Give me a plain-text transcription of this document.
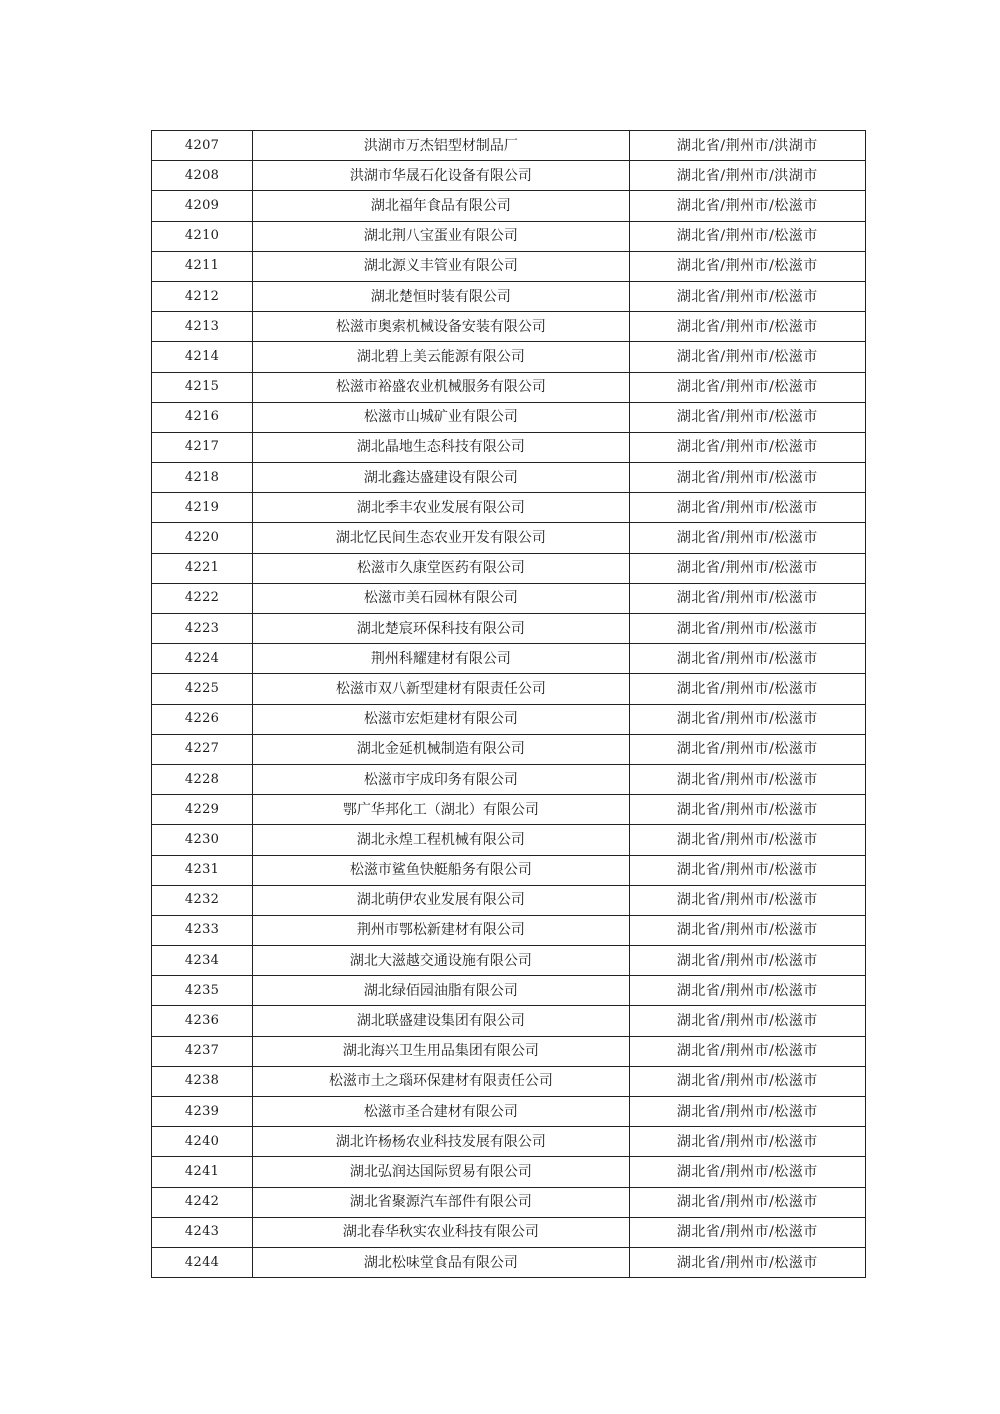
4207	洪湖市万杰铝型材制品厂	湖北省/荆州市/洪湖市
4208	洪湖市华晟石化设备有限公司	湖北省/荆州市/洪湖市
4209	湖北福年食品有限公司	湖北省/荆州市/松滋市
4210	湖北荆八宝蛋业有限公司	湖北省/荆州市/松滋市
4211	湖北源义丰管业有限公司	湖北省/荆州市/松滋市
4212	湖北楚恒时装有限公司	湖北省/荆州市/松滋市
4213	松滋市奥索机械设备安装有限公司	湖北省/荆州市/松滋市
4214	湖北碧上美云能源有限公司	湖北省/荆州市/松滋市
4215	松滋市裕盛农业机械服务有限公司	湖北省/荆州市/松滋市
4216	松滋市山城矿业有限公司	湖北省/荆州市/松滋市
4217	湖北晶地生态科技有限公司	湖北省/荆州市/松滋市
4218	湖北鑫达盛建设有限公司	湖北省/荆州市/松滋市
4219	湖北季丰农业发展有限公司	湖北省/荆州市/松滋市
4220	湖北忆民间生态农业开发有限公司	湖北省/荆州市/松滋市
4221	松滋市久康堂医药有限公司	湖北省/荆州市/松滋市
4222	松滋市美石园林有限公司	湖北省/荆州市/松滋市
4223	湖北楚宸环保科技有限公司	湖北省/荆州市/松滋市
4224	荆州科耀建材有限公司	湖北省/荆州市/松滋市
4225	松滋市双八新型建材有限责任公司	湖北省/荆州市/松滋市
4226	松滋市宏炬建材有限公司	湖北省/荆州市/松滋市
4227	湖北金延机械制造有限公司	湖北省/荆州市/松滋市
4228	松滋市宇成印务有限公司	湖北省/荆州市/松滋市
4229	鄂广华邦化工（湖北）有限公司	湖北省/荆州市/松滋市
4230	湖北永煌工程机械有限公司	湖北省/荆州市/松滋市
4231	松滋市鲨鱼快艇船务有限公司	湖北省/荆州市/松滋市
4232	湖北萌伊农业发展有限公司	湖北省/荆州市/松滋市
4233	荆州市鄂松新建材有限公司	湖北省/荆州市/松滋市
4234	湖北大滋越交通设施有限公司	湖北省/荆州市/松滋市
4235	湖北绿佰园油脂有限公司	湖北省/荆州市/松滋市
4236	湖北联盛建设集团有限公司	湖北省/荆州市/松滋市
4237	湖北海兴卫生用品集团有限公司	湖北省/荆州市/松滋市
4238	松滋市土之瑙环保建材有限责任公司	湖北省/荆州市/松滋市
4239	松滋市圣合建材有限公司	湖北省/荆州市/松滋市
4240	湖北许杨杨农业科技发展有限公司	湖北省/荆州市/松滋市
4241	湖北弘润达国际贸易有限公司	湖北省/荆州市/松滋市
4242	湖北省聚源汽车部件有限公司	湖北省/荆州市/松滋市
4243	湖北春华秋实农业科技有限公司	湖北省/荆州市/松滋市
4244	湖北松味堂食品有限公司	湖北省/荆州市/松滋市
